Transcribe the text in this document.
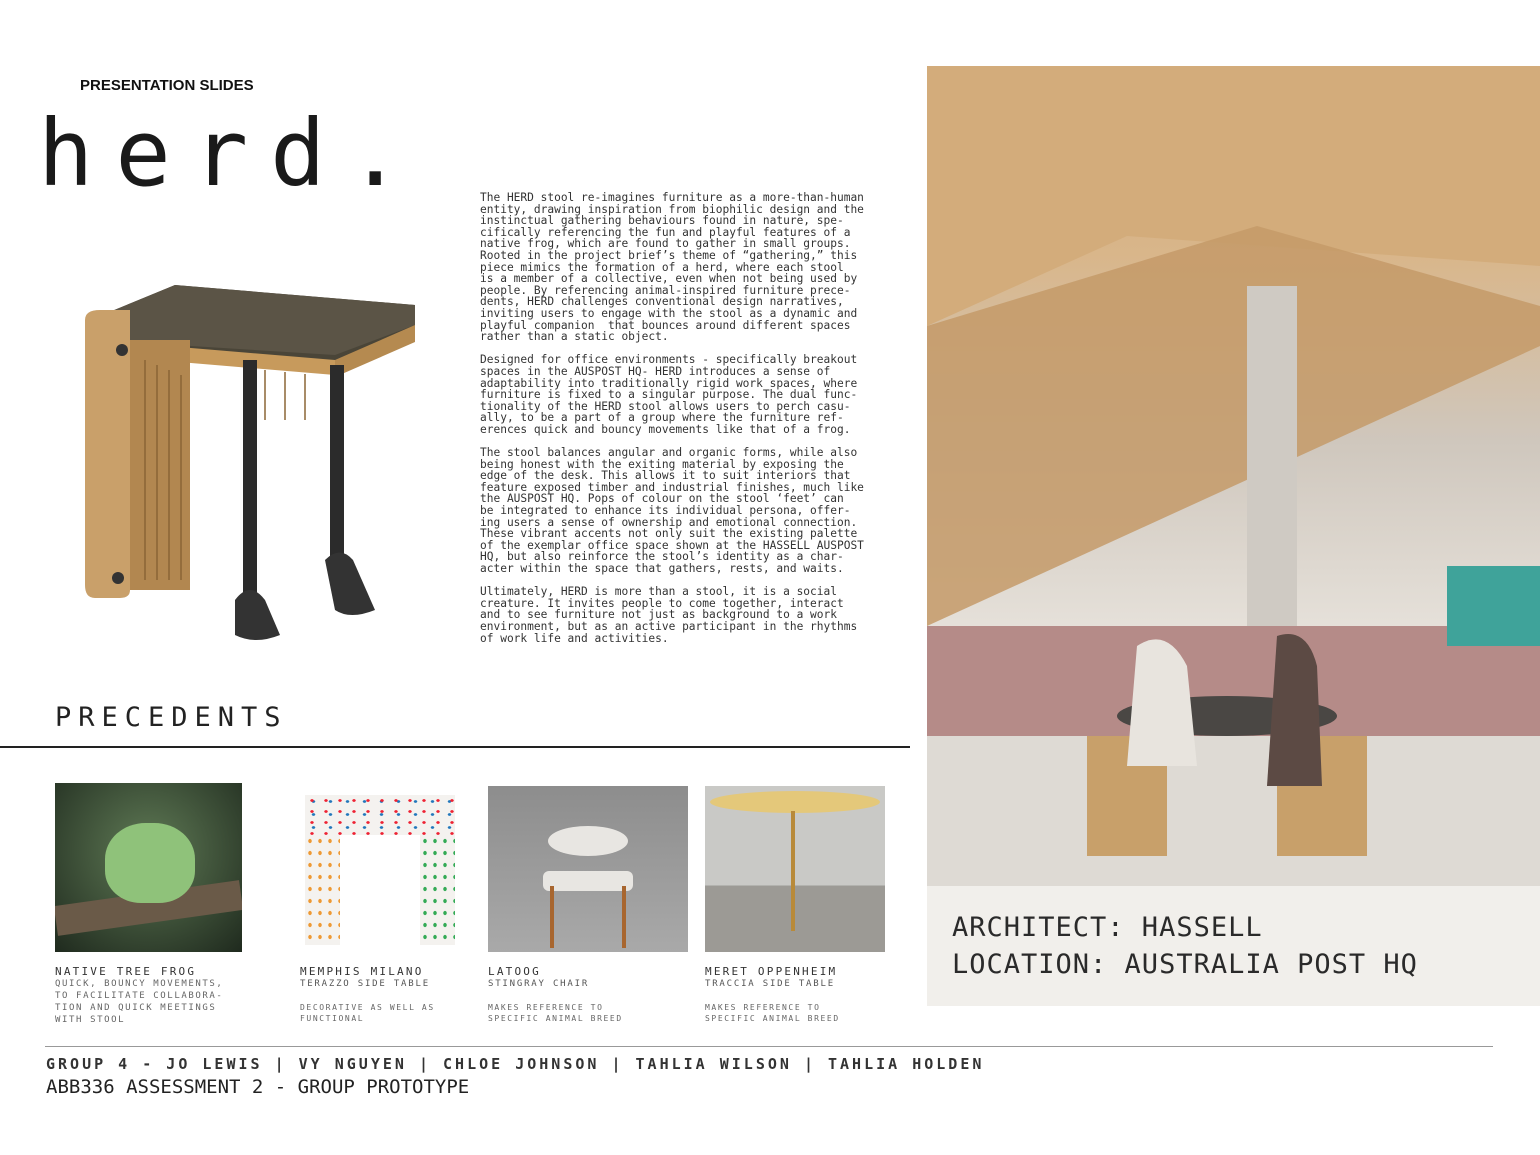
PRESENTATION SLIDES
herd.	The HERD stool re-imagines furniture as a more-than-human
entity, drawing inspiration from biophilic design and the
instinctual gathering behaviours found in nature, spe-
cifically referencing the fun and playful features of a
native frog, which are found to gather in small groups.
Rooted in the project brief’s theme of “gathering,” this
piece mimics the formation of a herd, where each stool
is a member of a collective, even when not being used by
people. By referencing animal-inspired furniture prece-
dents, HERD challenges conventional design narratives,
inviting users to engage with the stool as a dynamic and
playful companion  that bounces around different spaces
rather than a static object.
Designed for office environments - specifically breakout
spaces in the AUSPOST HQ- HERD introduces a sense of
adaptability into traditionally rigid work spaces, where
furniture is fixed to a singular purpose. The dual func-
tionality of the HERD stool allows users to perch casu-
ally, to be a part of a group where the furniture ref-
erences quick and bouncy movements like that of a frog.
The stool balances angular and organic forms, while also
being honest with the exiting material by exposing the
edge of the desk. This allows it to suit interiors that
feature exposed timber and industrial finishes, much like
the AUSPOST HQ. Pops of colour on the stool ‘feet’ can
be integrated to enhance its individual persona, offer-
ing users a sense of ownership and emotional connection.
These vibrant accents not only suit the existing palette
of the exemplar office space shown at the HASSELL AUSPOST
HQ, but also reinforce the stool’s identity as a char-
acter within the space that gathers, rests, and waits.
Ultimately, HERD is more than a stool, it is a social
creature. It invites people to come together, interact
and to see furniture not just as background to a work
environment, but as an active participant in the rhythms
of work life and activities.
ARCHITECT: HASSELL
LOCATION: AUSTRALIA POST HQ
PRECEDENTS
NATIVE TREE FROG
QUICK, BOUNCY MOVEMENTS,
TO FACILITATE COLLABORA-
TION AND QUICK MEETINGS
WITH STOOL
MEMPHIS MILANO
TERAZZO SIDE TABLE
DECORATIVE AS WELL AS
FUNCTIONAL
LATOOG
STINGRAY CHAIR
MAKES REFERENCE TO
SPECIFIC ANIMAL BREED
MERET OPPENHEIM
TRACCIA SIDE TABLE
MAKES REFERENCE TO
SPECIFIC ANIMAL BREED
GROUP 4 - JO LEWIS | VY NGUYEN | CHLOE JOHNSON | TAHLIA WILSON | TAHLIA HOLDEN
ABB336 ASSESSMENT 2 - GROUP PROTOTYPE
